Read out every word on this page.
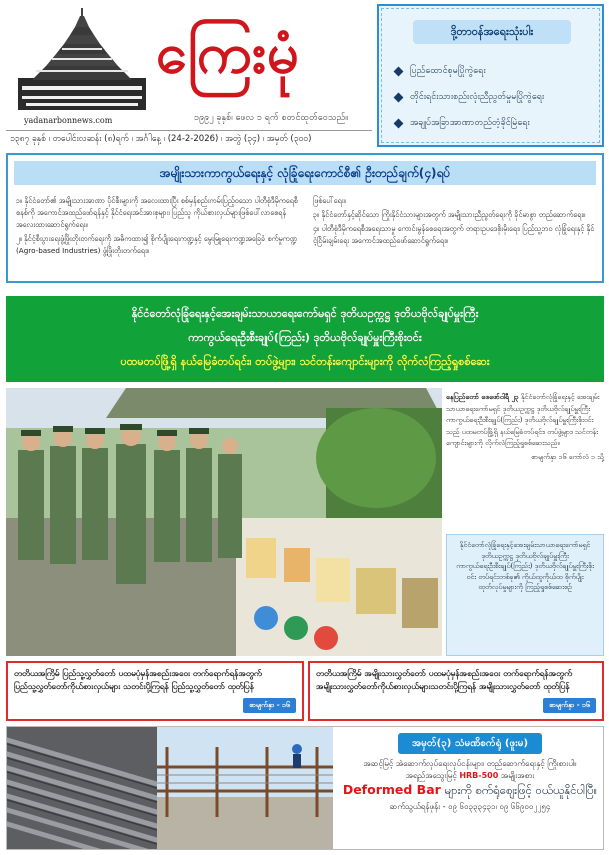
yadanarbonnews.com
ကြေးမုံ
၁၉၉၂ ခုနှစ်၊ ဖေလ ၁ ရက် စတင်ထုတ်ဝေသည်။
၁၃၈၇ ခုနှစ် ၊ တပေါင်းလဆန်း (၈)ရက် ၊ အင်္ဂါနေ့ ၊ (24-2-2026) ၊ အတွဲ (၃၄) ၊ အမှတ် (၃၀၀)
ဒို့တာဝန်အရေးသုံးပါး
ပြည်ထောင်စုမပြိုကွဲရေး
တိုင်းရင်းသားစည်းလုံးညီညွတ်မှုမပြိုကွဲရေး
အချုပ်အခြာအာဏာတည်တံ့ခိုင်မြဲရေး
အမျိုးသားကာကွယ်ရေးနှင့် လုံခြုံရေးကောင်စီ၏ ဦးတည်ချက်(၄)ရပ်

၁။ နိုင်ငံတော်၏ အမျိုးသားအာဏာ ပိုင်စီးများကို အလေးထားပြီး စစ်မှန်စည်းကမ်းပြည့်ဝသော ပါတီစုံဒီမိုကရေစီစနစ်ကို အကောင်အထည်ဖော်ရန်နှင့် နိုင်ငံရေးအင်အားစုများ၊ ပြည်သူ ကိုယ်စားလှယ်များဖြစ်ပေါ်လာစေရန် အလေးထားဆောင်ရွက်ရေး။

၂။ နိုင်ငံ့စီးပွားရေးဖွံ့ဖြိုးတိုးတက်ရေးကို အဓိကထား၍ စိုက်ပျိုးရေးကဏ္ဍနှင့် မွေးမြူရေးကဏ္ဍအခြေခံ စက်မှုကဏ္ဍ (Agro-based Industries) ဖွံ့ဖြိုးတိုးတက်ရေး။

ဖြစ်ပေါ်ရေး။

၃။ နိုင်ငံတော်နှင့်ဆိုင်သော ကြိုးနိုင်ငံသားများအတွက် အမျိုးသားညီညွတ်ရေးကို ခိုင်မာစွာ တည်ဆောက်ရေး။

၄။ ပါတီစုံဒီမိုကရေစီအရေးသာမှု ကောင်းမွန်စေရေးအတွက် တရားဥပဒေစိုးမိုးရေး၊ ပြည်သူ့ဘဝ လုံခြုံရေးနှင့် နိုင်ငံ့ငြိမ်းချမ်းရေး အကောင်အထည်ဖော်ဆောင်ရွက်ရေး။

နိုင်ငံတော်လုံခြုံရေးနှင့်အေးချမ်းသာယာရေးကော်မရှင် ဒုတိယဥက္ကဋ္ဌ ဒုတိယဗိုလ်ချုပ်မှူးကြီး
ကာကွယ်ရေးဦးစီးချုပ်(ကြည်း) ဒုတိယဗိုလ်ချုပ်မှူးကြီးစိုးဝင်း
ပထမတပ်ဖြို့ရှိ နယ်မြေခံတပ်ရင်း၊ တပ်ဖွဲ့များ၊ သင်တန်းကျောင်းများကို လိုက်လံကြည့်ရှုစစ်ဆေး

နေပြည်တော် ဖေဖော်ဝါရီ ၂၃ နိုင်ငံတော်လုံခြုံရေးနှင့် အေးချမ်းသာယာရေးကော်မရှင် ဒုတိယဥက္ကဋ္ဌ ဒုတိယဗိုလ်ချုပ်မှူးကြီး ကာကွယ်ရေးဦးစီးချုပ်(ကြည်း) ဒုတိယဗိုလ်ချုပ်မှူးကြီးစိုးဝင်း သည် ပထမတပ်ဖြို့ရှိ နယ်မြေခံတပ်ရင်း၊ တပ်ဖွဲ့များ၊ သင်တန်းကျောင်းများကို လိုက်လံကြည့်ရှုစစ်ဆေးသည်။

စာမျက်နှာ ၁၆ ကော်လံ ၁ သို့
နိုင်ငံတော်လုံခြုံရေးနှင့်အေးချမ်းသာယာရေးကော်မရှင်ဒုတိယဥက္ကဋ္ဌ ဒုတိယဗိုလ်ချုပ်မှူးကြီး ကာကွယ်ရေးဦးစီးချုပ်(ကြည်း) ဒုတိယဗိုလ်ချုပ်မှူးကြီးစိုးဝင်း တပ်ရင်းတစ်ခု၏ ကိုယ်ထူကိုယ်ထ စိုက်ပျိုးထုတ်လုပ်မှုများကို ကြည့်ရှုစစ်ဆေးစဉ်
တတိယအကြိမ် ပြည်သူ့လွှတ်တော် ပထမပုံမှန်အစည်းအဝေး တက်ရောက်ရန်အတွက် ပြည်သူ့လွှတ်တော်ကိုယ်စားလှယ်များ သတင်းပို့ကြရန် ပြည်သူ့လွှတ်တော် ထုတ်ပြန်
စာမျက်နှာ - ၁၆
တတိယအကြိမ် အမျိုးသားလွှတ်တော် ပထမပုံမှန်အစည်းအဝေး တက်ရောက်ရန်အတွက် အမျိုးသားလွှတ်တော်ကိုယ်စားလှယ်များသတင်းပို့ကြရန် အမျိုးသားလွှတ်တော် ထုတ်ပြန်
စာမျက်နှာ - ၁၆
အမှတ်(၃) သံမဏိစက်ရုံ (ဖူးမ)
အဆင့်မြင့် အဲဆောက်လုပ်ရေးလုပ်ငန်းများ၊ တည်ဆောက်ရေးနှင့် ကြိုးစားပါ။
အရည်အသွေးမြင့် HRB-500 အမျိုးအစား
Deformed Bar များကို စက်ရုံဈေးဖြင့် ဝယ်ယူနိုင်ပါပြီ။
ဆက်သွယ်ရန်ဖုန်း - ၀၉ ၆၀၃၃၃၄၃၁၊ ၀၉ ၆၆၉၀၀၂၂၅၄
